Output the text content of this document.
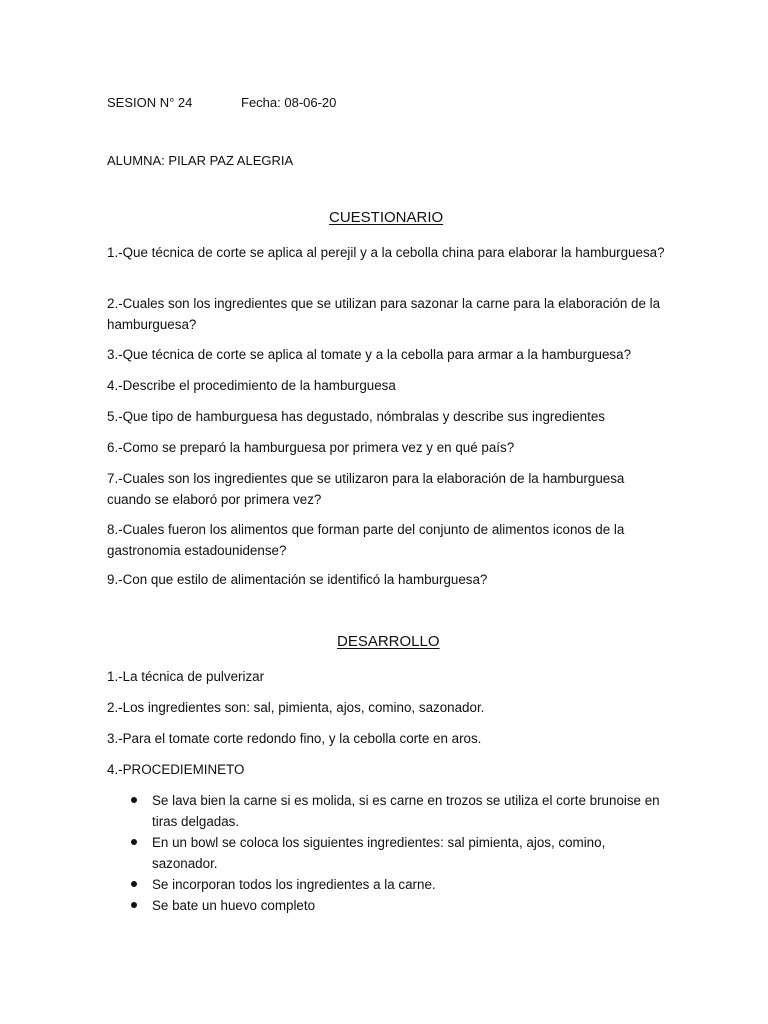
SESION N° 24	Fecha: 08-06-20
ALUMNA: PILAR PAZ ALEGRIA
CUESTIONARIO
1.-Que técnica de corte se aplica al perejil y a la cebolla china para elaborar la hamburguesa?
2.-Cuales son los ingredientes que se utilizan para sazonar la carne para la elaboración de la hamburguesa?
3.-Que técnica de corte se aplica al tomate y a la cebolla para armar a la hamburguesa?
4.-Describe el procedimiento de la hamburguesa
5.-Que tipo de hamburguesa has degustado, nómbralas y describe sus ingredientes
6.-Como se preparó la hamburguesa por primera vez y en qué país?
7.-Cuales son los ingredientes que se utilizaron para la elaboración de la hamburguesa cuando se elaboró por primera vez?
8.-Cuales fueron los alimentos que forman parte del conjunto de alimentos iconos de la gastronomia estadounidense?
9.-Con que estilo de alimentación se identificó la hamburguesa?
DESARROLLO
1.-La técnica de pulverizar
2.-Los ingredientes son: sal, pimienta, ajos, comino, sazonador.
3.-Para el tomate corte redondo fino, y la cebolla corte en aros.
4.-PROCEDIEMINETO
Se lava bien la carne si es molida, si es carne en trozos se utiliza el corte brunoise en tiras delgadas.
En un bowl se coloca los siguientes ingredientes: sal pimienta, ajos, comino, sazonador.
Se incorporan todos los ingredientes a la carne.
Se bate un huevo completo
